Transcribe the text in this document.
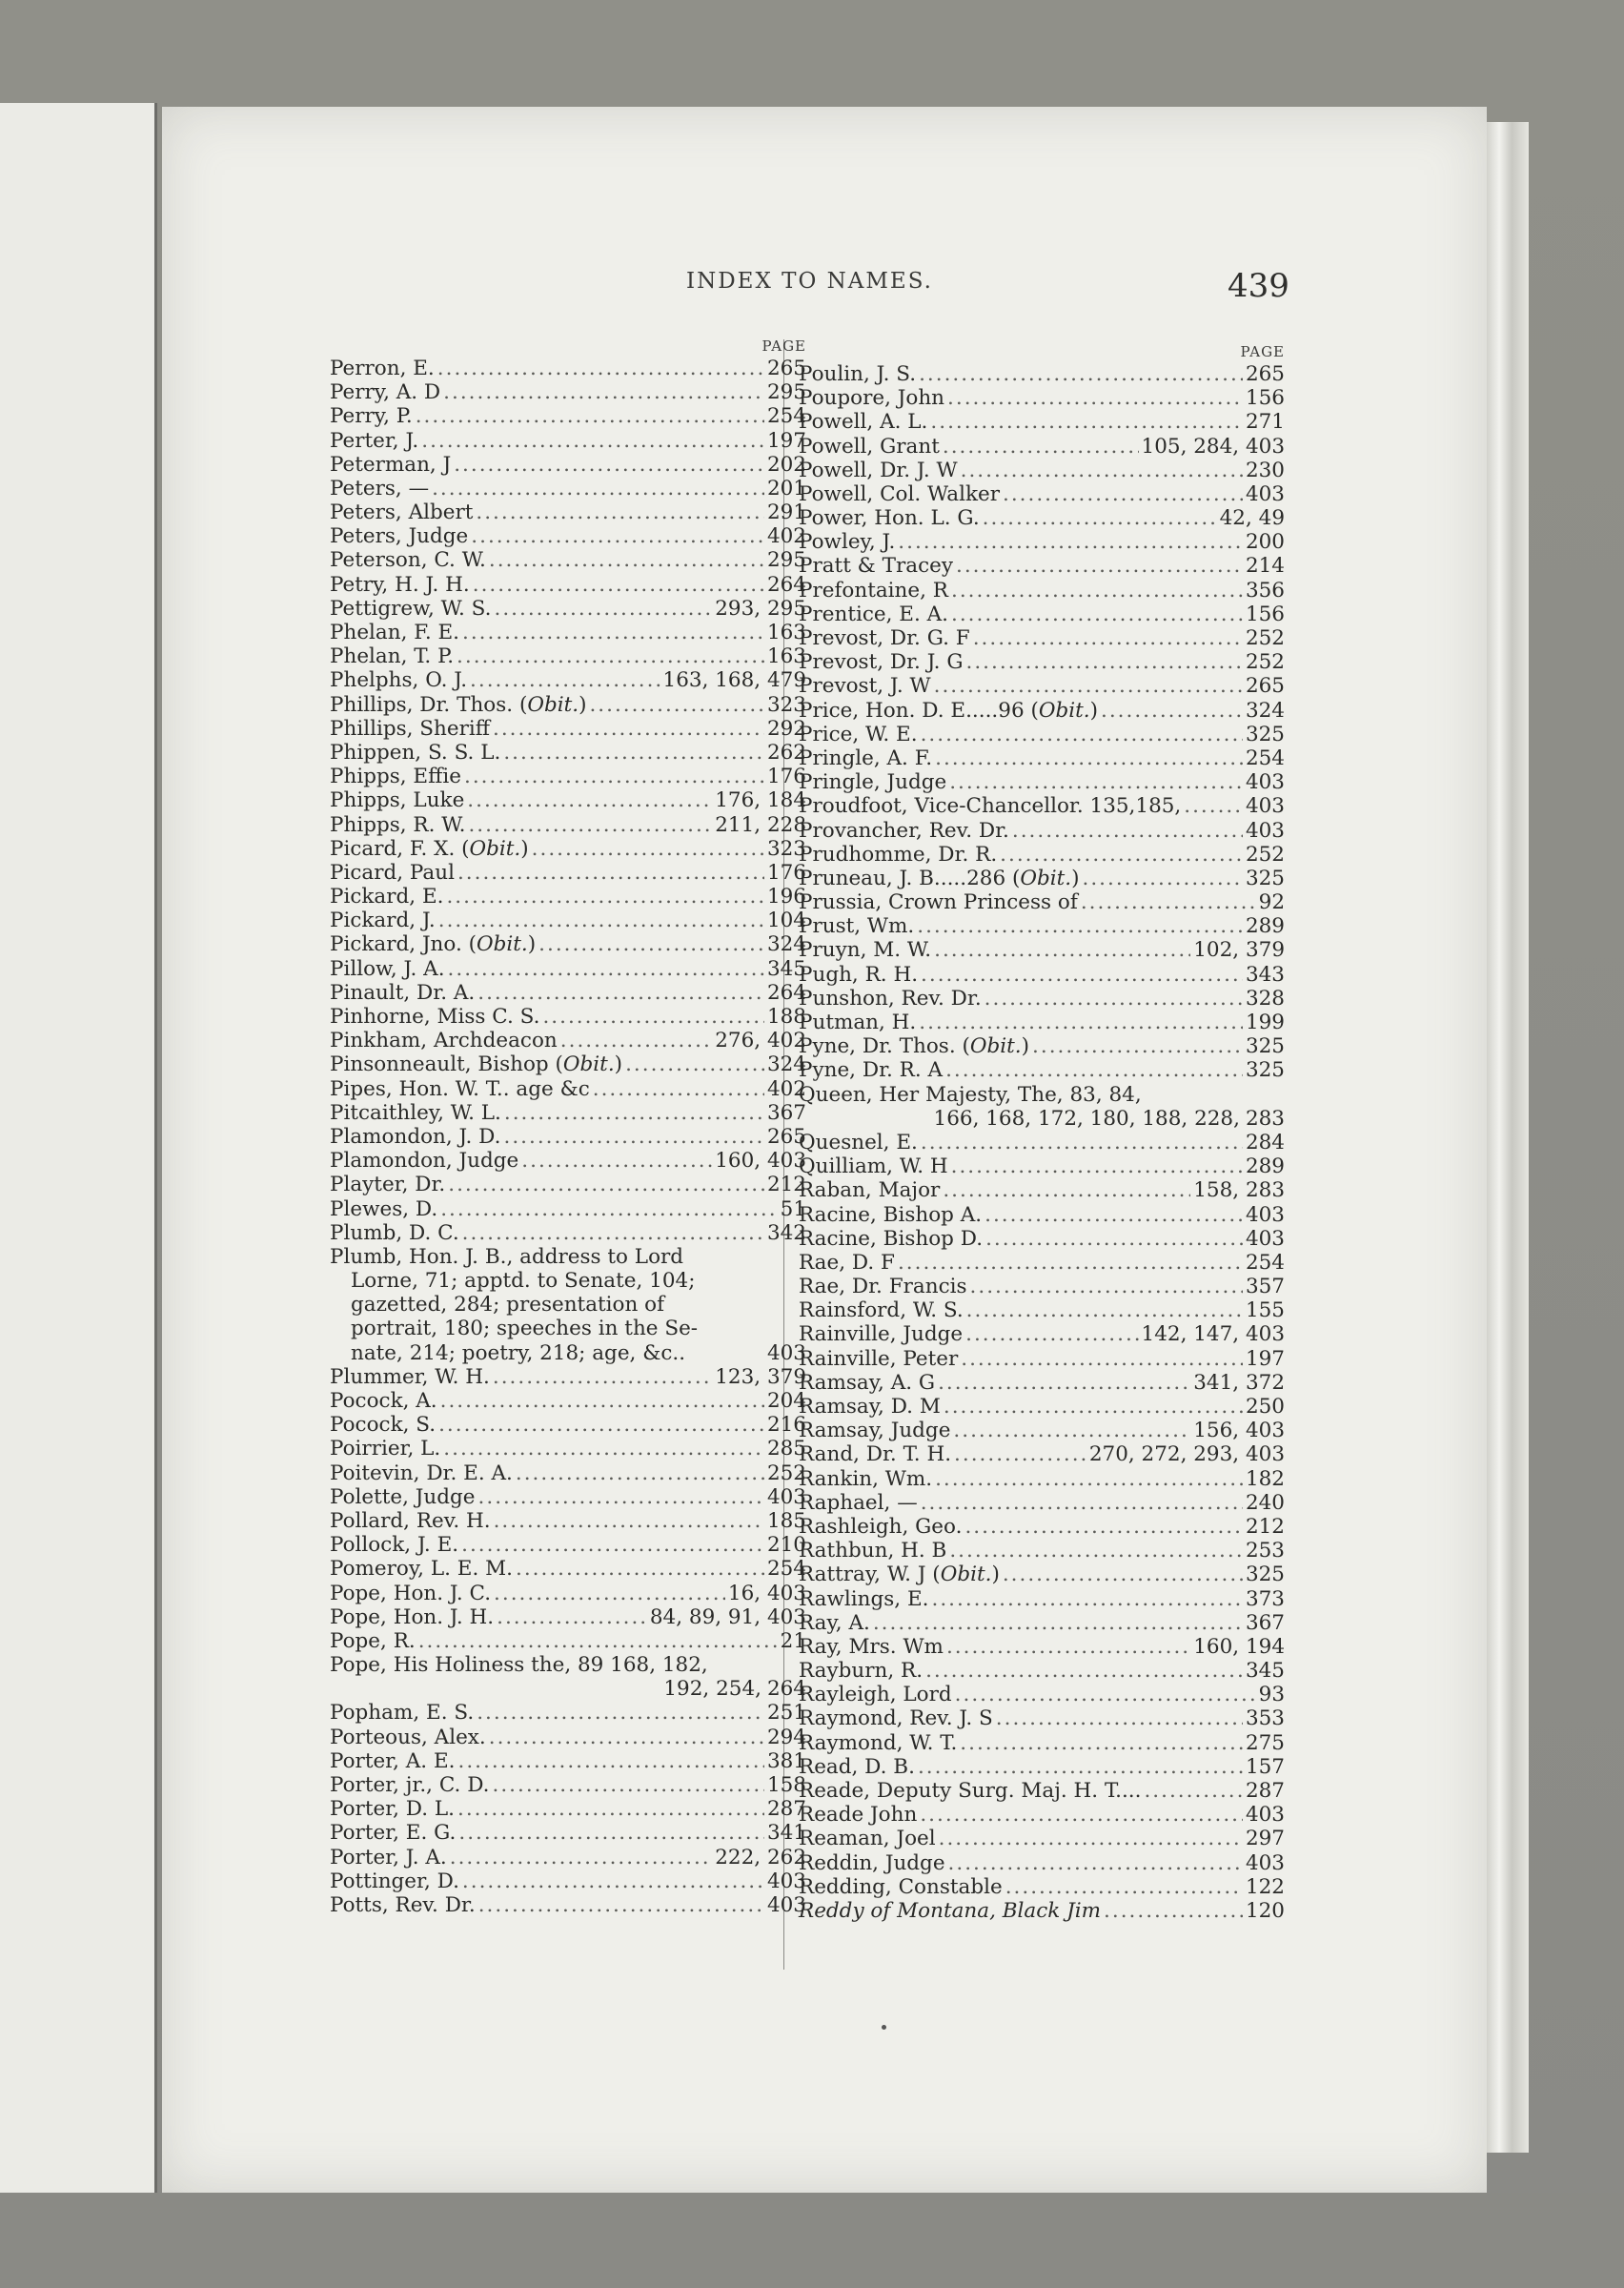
INDEX TO NAMES.	439
PAGE
Perron, E. .....	265
Perry, A. D .....	295
Perry, P. .....	254
Perter, J. .....	197
Peterman, J .....	202
Peters, — .....	201
Peters, Albert .....	291
Peters, Judge .....	402
Peterson, C. W. .....	295
Petry, H. J. H. .....	264
Pettigrew, W. S. .....	293, 295
Phelan, F. E. .....	163
Phelan, T. P. .....	163
Phelphs, O. J. .....	163, 168, 479
Phillips, Dr. Thos. (Obit.) .....	323
Phillips, Sheriff .....	292
Phippen, S. S. L. .....	262
Phipps, Effie .....	176
Phipps, Luke .....	176, 184
Phipps, R. W. .....	211, 228
Picard, F. X. (Obit.) .....	323
Picard, Paul .....	176
Pickard, E. .....	196
Pickard, J. .....	104
Pickard, Jno. (Obit.) .....	324
Pillow, J. A. .....	345
Pinault, Dr. A. .....	264
Pinhorne, Miss C. S. .....	188
Pinkham, Archdeacon .....	276, 402
Pinsonneault, Bishop (Obit.) .....	324
Pipes, Hon. W. T.. age &c .....	402
Pitcaithley, W. L. .....	367
Plamondon, J. D. .....	265
Plamondon, Judge .....	160, 403
Playter, Dr. .....	212
Plewes, D. .....	51
Plumb, D. C. .....	342
Plumb, Hon. J. B., address to Lord
Lorne, 71; apptd. to Senate, 104;
gazetted, 284; presentation of
portrait, 180; speeches in the Se-
nate, 214; poetry, 218; age, &c..	403
Plummer, W. H. .....	123, 379
Pocock, A. .....	204
Pocock, S. .....	216
Poirrier, L. .....	285
Poitevin, Dr. E. A. .....	252
Polette, Judge .....	403
Pollard, Rev. H. .....	185
Pollock, J. E. .....	210
Pomeroy, L. E. M. .....	254
Pope, Hon. J. C. .....	16, 403
Pope, Hon. J. H. .....	84, 89, 91, 403
Pope, R. .....	21
Pope, His Holiness the, 89 168, 182,
192, 254, 264
Popham, E. S. .....	251
Porteous, Alex. .....	294
Porter, A. E. .....	381
Porter, jr., C. D. .....	158
Porter, D. L. .....	287
Porter, E. G. .....	341
Porter, J. A. .....	222, 262
Pottinger, D. .....	403
Potts, Rev. Dr. .....	403
PAGE
Poulin, J. S. .....	265
Poupore, John .....	156
Powell, A. L. .....	271
Powell, Grant .....	105, 284, 403
Powell, Dr. J. W .....	230
Powell, Col. Walker .....	403
Power, Hon. L. G. .....	42, 49
Powley, J. .....	200
Pratt & Tracey .....	214
Prefontaine, R .....	356
Prentice, E. A. .....	156
Prevost, Dr. G. F .....	252
Prevost, Dr. J. G .....	252
Prevost, J. W .....	265
Price, Hon. D. E.....96 (Obit.) .....	324
Price, W. E. .....	325
Pringle, A. F. .....	254
Pringle, Judge .....	403
Proudfoot, Vice-Chancellor. 135,185, .....	403
Provancher, Rev. Dr. .....	403
Prudhomme, Dr. R. .....	252
Pruneau, J. B.....286 (Obit.) .....	325
Prussia, Crown Princess of .....	92
Prust, Wm. .....	289
Pruyn, M. W. .....	102, 379
Pugh, R. H. .....	343
Punshon, Rev. Dr. .....	328
Putman, H. .....	199
Pyne, Dr. Thos. (Obit.) .....	325
Pyne, Dr. R. A .....	325
Queen, Her Majesty, The, 83, 84,
166, 168, 172, 180, 188, 228, 283
Quesnel, E. .....	284
Quilliam, W. H .....	289
Raban, Major .....	158, 283
Racine, Bishop A. .....	403
Racine, Bishop D. .....	403
Rae, D. F .....	254
Rae, Dr. Francis .....	357
Rainsford, W. S. .....	155
Rainville, Judge .....	142, 147, 403
Rainville, Peter .....	197
Ramsay, A. G .....	341, 372
Ramsay, D. M .....	250
Ramsay, Judge .....	156, 403
Rand, Dr. T. H. .....	270, 272, 293, 403
Rankin, Wm. .....	182
Raphael, — .....	240
Rashleigh, Geo. .....	212
Rathbun, H. B .....	253
Rattray, W. J (Obit.) .....	325
Rawlings, E. .....	373
Ray, A. .....	367
Ray, Mrs. Wm .....	160, 194
Rayburn, R. .....	345
Rayleigh, Lord .....	93
Raymond, Rev. J. S .....	353
Raymond, W. T. .....	275
Read, D. B. .....	157
Reade, Deputy Surg. Maj. H. T.... .....	287
Reade John .....	403
Reaman, Joel .....	297
Reddin, Judge .....	403
Redding, Constable .....	122
Reddy of Montana, Black Jim .....	120
